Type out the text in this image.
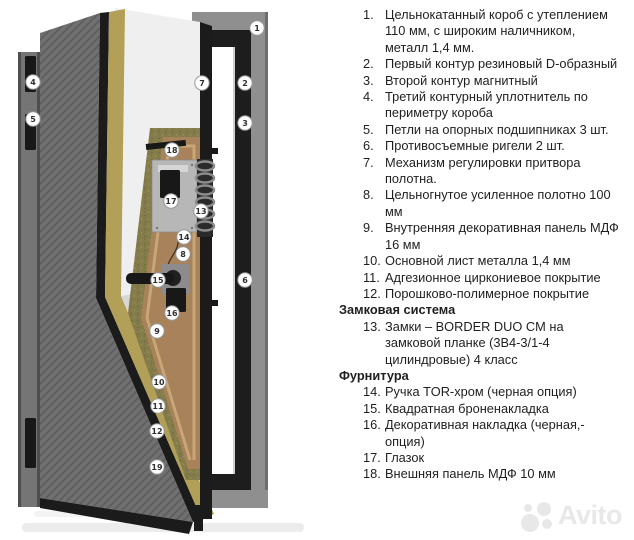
1
2
3
4
5
6
7
8
9
10
11
12
13
14
15
16
17
18
19
1. Цельнокатанный короб с утеплением 110 мм, с широким наличником, металл 1,4 мм.
2. Первый контур резиновый D-образный
3. Второй контур магнитный
4. Третий контурный уплотнитель по периметру короба
5. Петли на опорных подшипниках 3 шт.
6. Противосъемные ригели 2 шт.
7. Механизм регулировки притвора полотна.
8. Цельногнутое усиленное полотно 100 мм
9. Внутренняя декоративная панель МДФ 16 мм
10. Основной лист металла 1,4 мм
11. Адгезионное циркониевое покрытие
12. Порошково-полимерное покрытие
Замковая система
13. Замки – BORDER DUO CM на замковой планке (3В4-3/1-4 цилиндровые) 4 класс
Фурнитура
14. Ручка TOR-хром (черная опция)
15. Квадратная броненакладка
16. Декоративная накладка (черная,- опция)
17. Глазок
18. Внешняя панель МДФ 10 мм
Avito
